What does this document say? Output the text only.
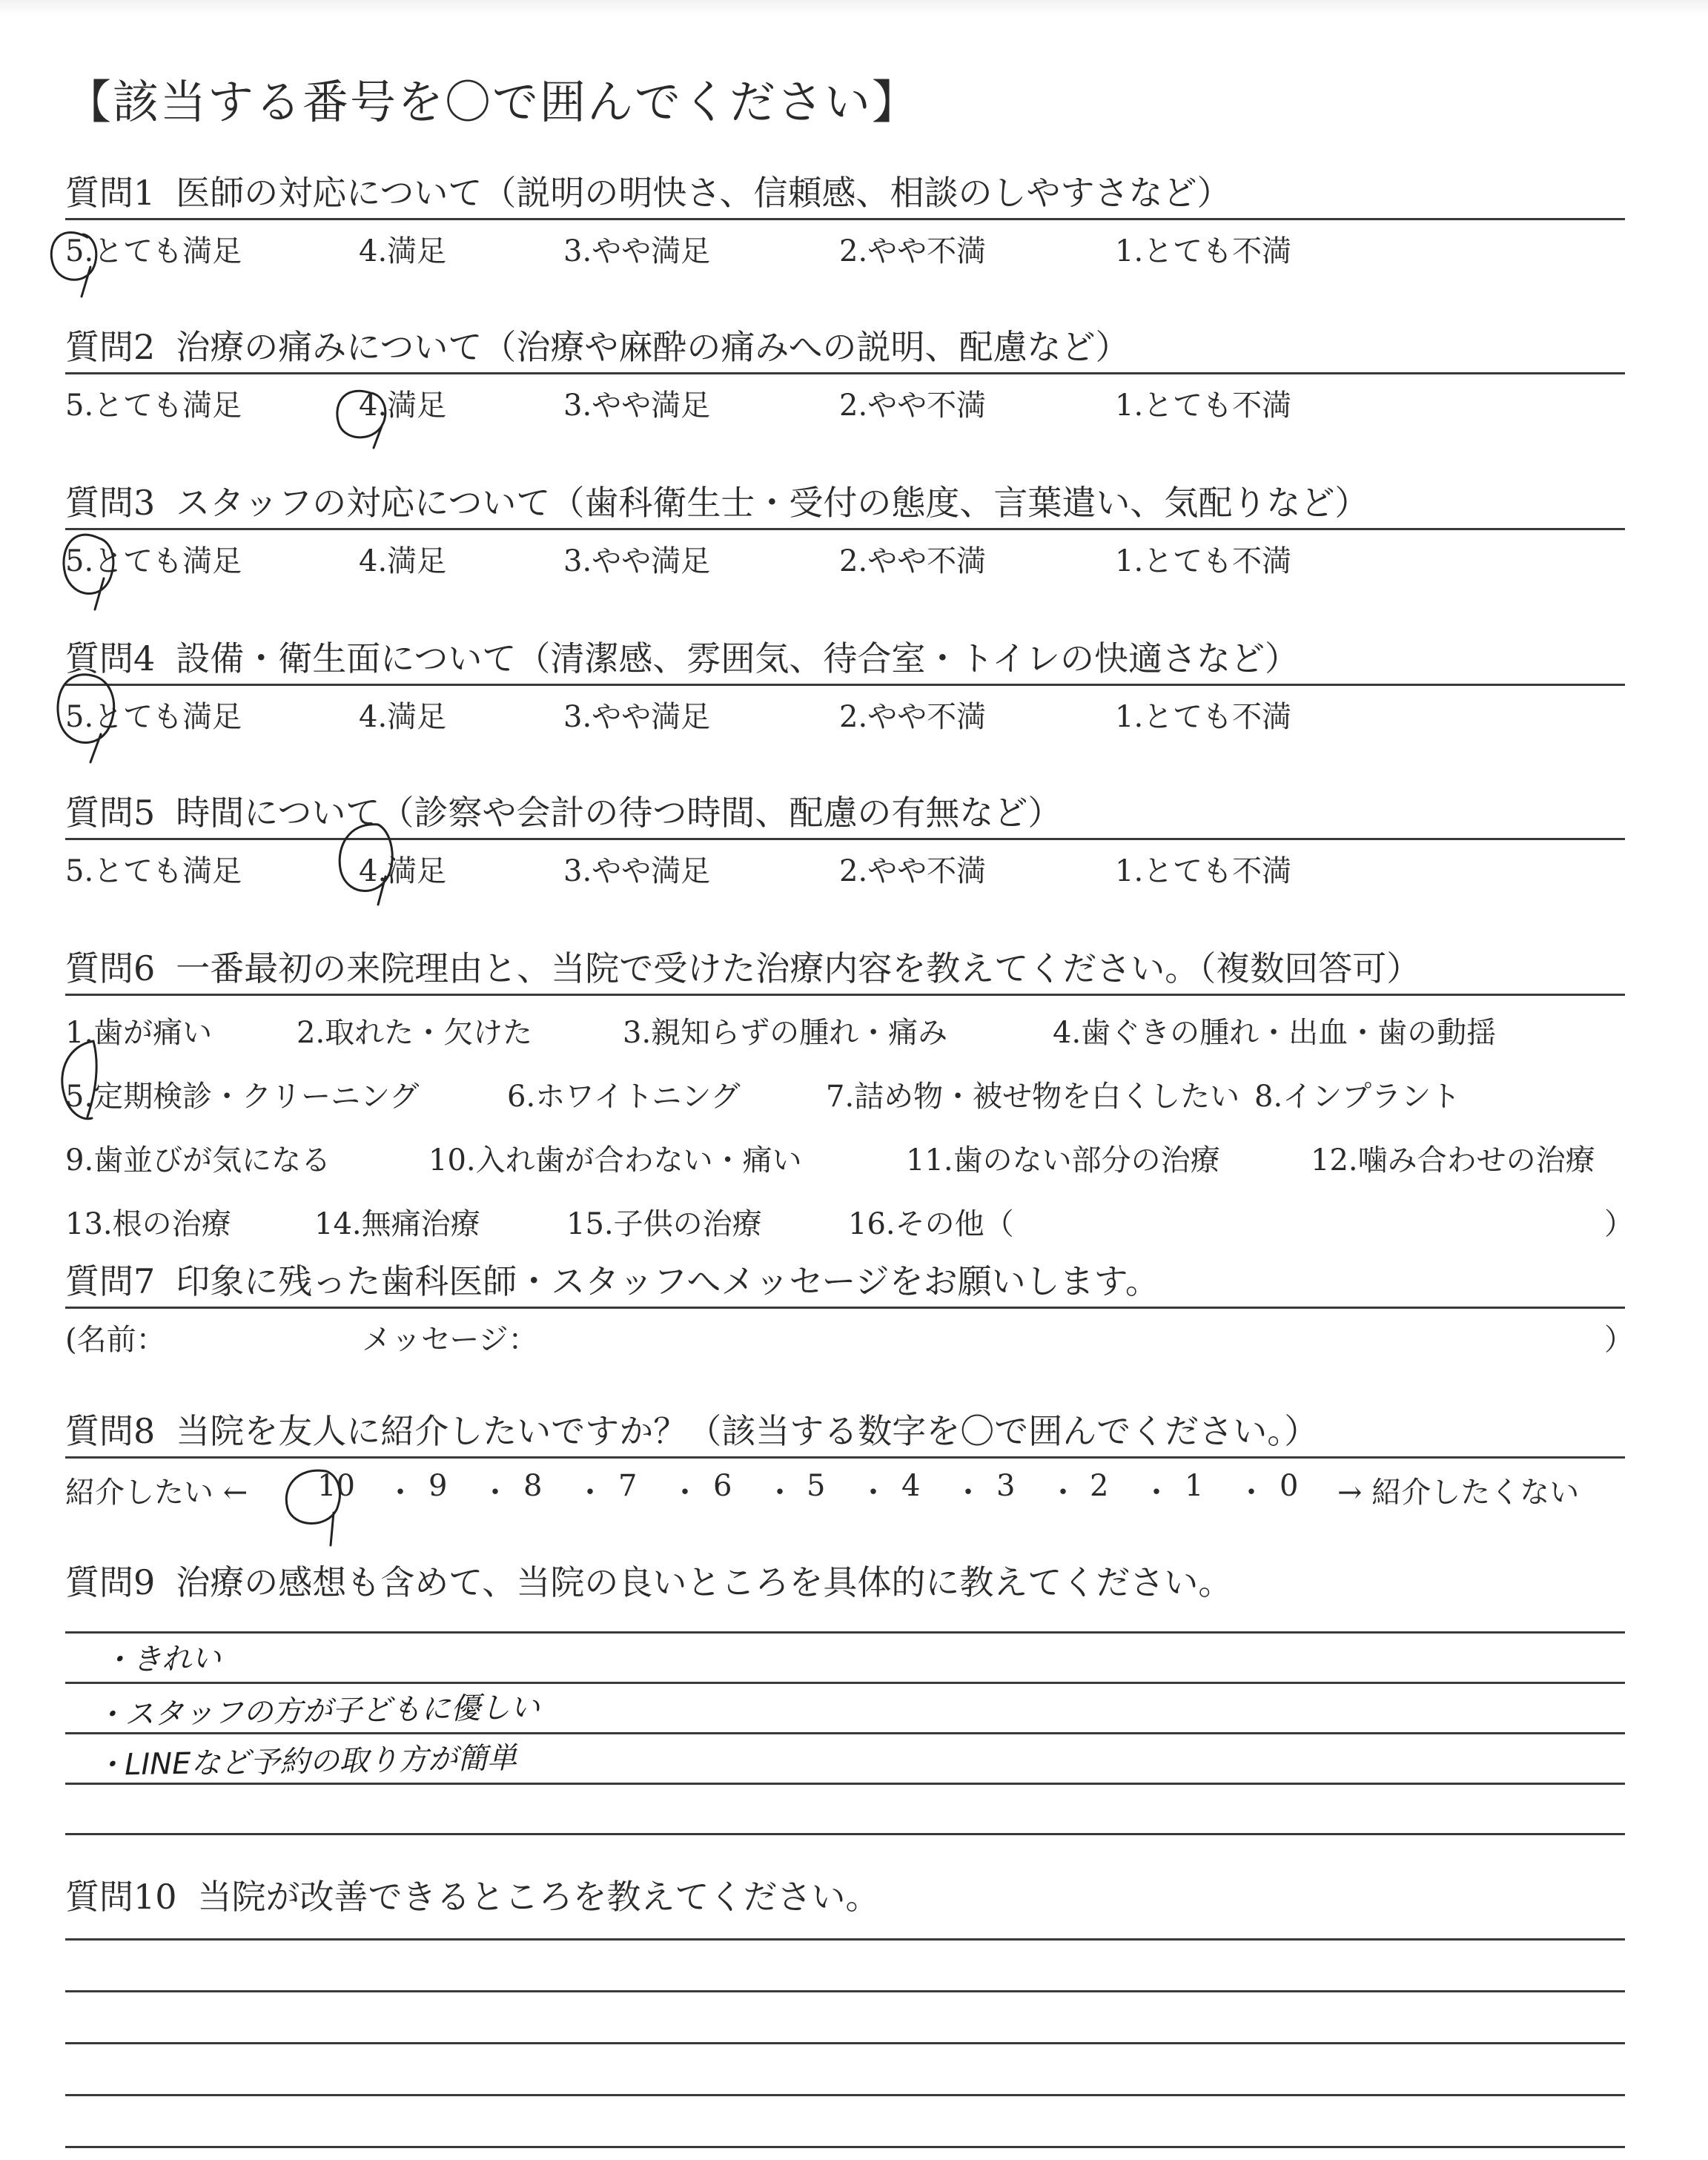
【該当する番号を〇で囲んでください】
質問1 医師の対応について（説明の明快さ、信頼感、相談のしやすさなど）
5.とても満足	4.満足	3.やや満足	2.やや不満	1.とても不満
質問2 治療の痛みについて（治療や麻酔の痛みへの説明、配慮など）
5.とても満足	4.満足	3.やや満足	2.やや不満	1.とても不満
質問3 スタッフの対応について（歯科衛生士・受付の態度、言葉遣い、気配りなど）
5.とても満足	4.満足	3.やや満足	2.やや不満	1.とても不満
質問4 設備・衛生面について（清潔感、雰囲気、待合室・トイレの快適さなど）
5.とても満足	4.満足	3.やや満足	2.やや不満	1.とても不満
質問5 時間について（診察や会計の待つ時間、配慮の有無など）
5.とても満足	4.満足	3.やや満足	2.やや不満	1.とても不満
質問6 一番最初の来院理由と、当院で受けた治療内容を教えてください。（複数回答可）
1.歯が痛い	2.取れた・欠けた	3.親知らずの腫れ・痛み	4.歯ぐきの腫れ・出血・歯の動揺
5.定期検診・クリーニング	6.ホワイトニング	7.詰め物・被せ物を白くしたい 8.インプラント
9.歯並びが気になる	10.入れ歯が合わない・痛い	11.歯のない部分の治療	12.噛み合わせの治療
13.根の治療	14.無痛治療	15.子供の治療	16.その他（	）
質問7 印象に残った歯科医師・スタッフへメッセージをお願いします。
(名前：	メッセージ：	）
質問8 当院を友人に紹介したいですか？（該当する数字を〇で囲んでください。）
紹介したい ← 10 ・ 9 ・ 8 ・ 7 ・ 6 ・ 5 ・ 4 ・ 3 ・ 2 ・ 1 ・ 0 → 紹介したくない
質問9 治療の感想も含めて、当院の良いところを具体的に教えてください。
・きれい
・スタッフの方が子どもに優しい
・LINEなど予約の取り方が簡単
質問10 当院が改善できるところを教えてください。
